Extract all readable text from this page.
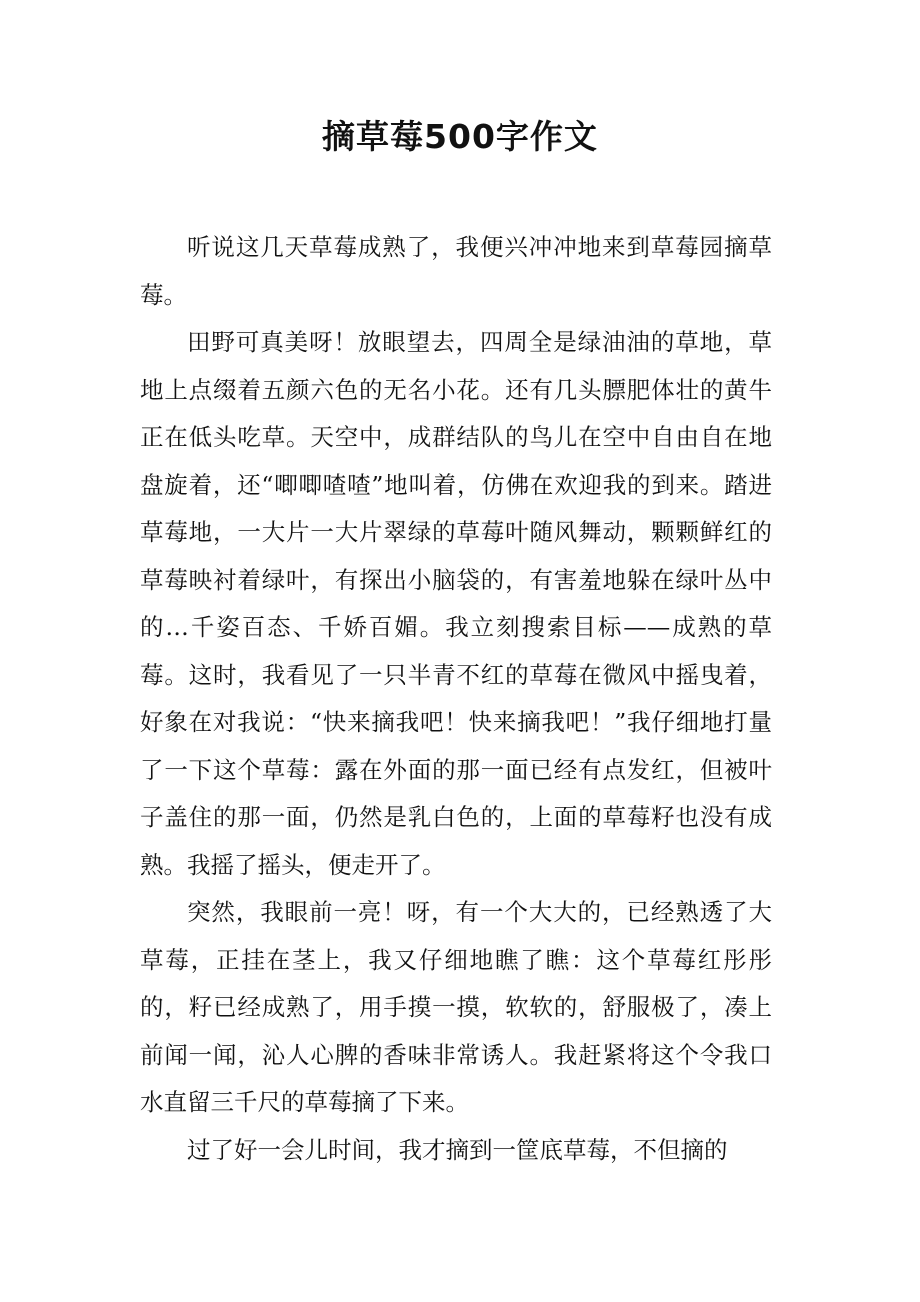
摘草莓500字作文

听说这几天草莓成熟了，我便兴冲冲地来到草莓园摘草莓。

田野可真美呀！放眼望去，四周全是绿油油的草地，草地上点缀着五颜六色的无名小花。还有几头膘肥体壮的黄牛正在低头吃草。天空中，成群结队的鸟儿在空中自由自在地盘旋着，还“唧唧喳喳”地叫着，仿佛在欢迎我的到来。踏进草莓地，一大片一大片翠绿的草莓叶随风舞动，颗颗鲜红的草莓映衬着绿叶，有探出小脑袋的，有害羞地躲在绿叶丛中的…千姿百态、千娇百媚。我立刻搜索目标——成熟的草莓。这时，我看见了一只半青不红的草莓在微风中摇曳着，好象在对我说：“快来摘我吧！快来摘我吧！”我仔细地打量了一下这个草莓：露在外面的那一面已经有点发红，但被叶子盖住的那一面，仍然是乳白色的，上面的草莓籽也没有成熟。我摇了摇头，便走开了。

突然，我眼前一亮！呀，有一个大大的，已经熟透了大草莓，正挂在茎上，我又仔细地瞧了瞧：这个草莓红彤彤的，籽已经成熟了，用手摸一摸，软软的，舒服极了，凑上前闻一闻，沁人心脾的香味非常诱人。我赶紧将这个令我口水直留三千尺的草莓摘了下来。

过了好一会儿时间，我才摘到一筐底草莓，不但摘的
